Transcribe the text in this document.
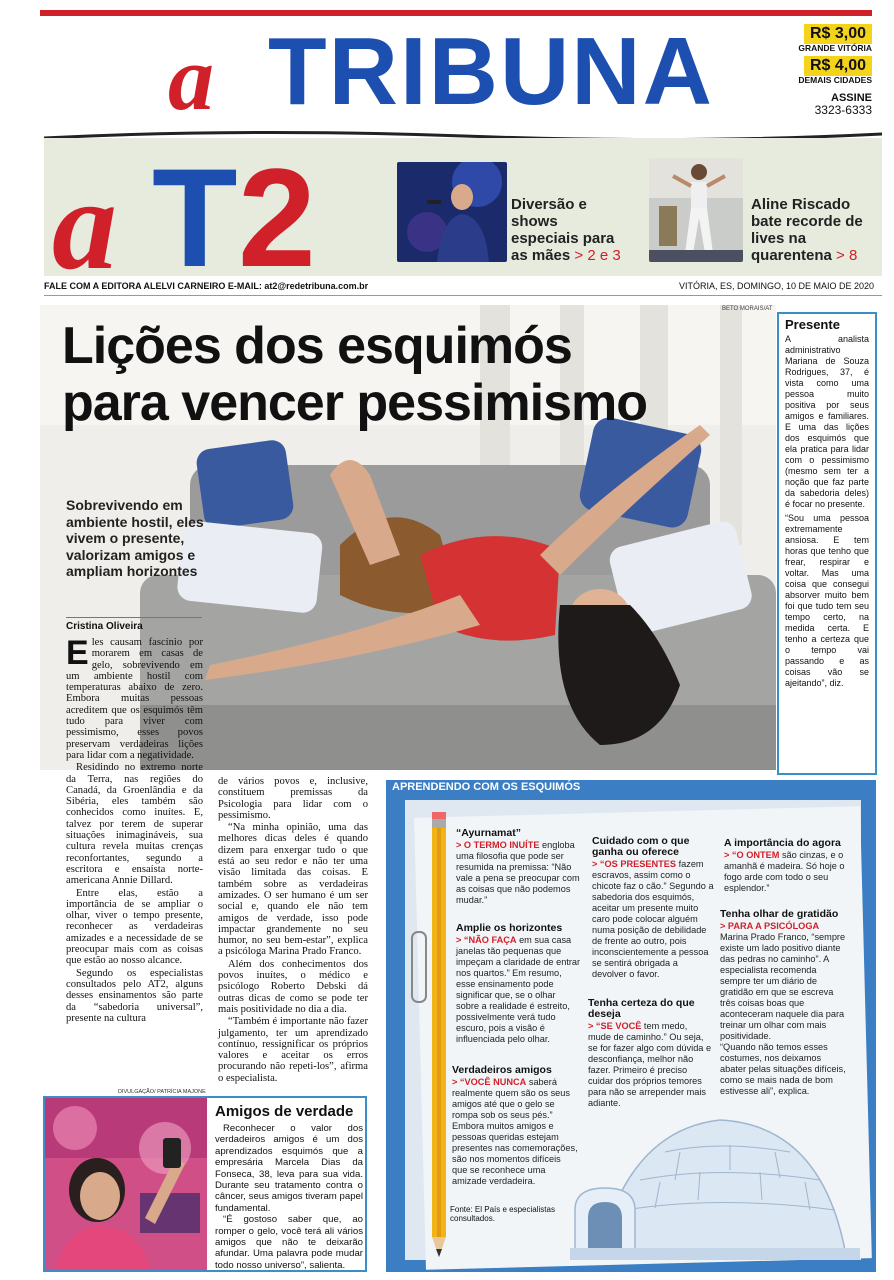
a TRIBUNA	R$ 3,00
GRANDE VITÓRIA
R$ 4,00
DEMAIS CIDADES
ASSINE
3323-6333
a T 2	Diversão e shows especiais para as mães > 2 e 3
Aline Riscado bate recorde de lives na quarentena > 8
FALE COM A EDITORA ALELVI CARNEIRO E-MAIL: at2@redetribuna.com.br	VITÓRIA, ES, DOMINGO, 10 DE MAIO DE 2020
BETO MORAIS/AT
Lições dos esquimós
para vencer pessimismo
Sobrevivendo em ambiente hostil, eles vivem o presente, valorizam amigos e ampliam horizontes
Cristina Oliveira

Eles causam fascínio por morarem em casas de gelo, sobrevivendo em um ambiente hostil com temperaturas abaixo de zero. Embora muitas pessoas acreditem que os esquimós têm tudo para viver com pessimismo, esses povos preservam verdadeiras lições para lidar com a negatividade.

Residindo no extremo norte da Terra, nas regiões do Canadá, da Groenlândia e da Sibéria, eles também são conhecidos como inuítes. E, talvez por terem de superar situações inimagináveis, sua cultura revela muitas crenças reconfortantes, segundo a escritora e ensaísta norte-americana Annie Dillard.

Entre elas, estão a importância de se ampliar o olhar, viver o tempo presente, reconhecer as verdadeiras amizades e a necessidade de se preocupar mais com as coisas que estão ao nosso alcance.

Segundo os especialistas consultados pelo AT2, alguns desses ensinamentos são parte da “sabedoria universal”, presente na cultura

de vários povos e, inclusive, constituem premissas da Psicologia para lidar com o pessimismo.

“Na minha opinião, uma das melhores dicas deles é quando dizem para enxergar tudo o que está ao seu redor e não ter uma visão limitada das coisas. E também sobre as verdadeiras amizades. O ser humano é um ser social e, quando ele não tem amigos de verdade, isso pode impactar grandemente no seu humor, no seu bem-estar”, explica a psicóloga Marina Prado Franco.

Além dos conhecimentos dos povos inuítes, o médico e psicólogo Roberto Debski dá outras dicas de como se pode ter mais positividade no dia a dia.

“Também é importante não fazer julgamento, ter um aprendizado contínuo, ressignificar os próprios valores e aceitar os erros procurando não repeti-los”, afirma o especialista.

Presente

A analista administrativo Mariana de Souza Rodrigues, 37, é vista como uma pessoa muito positiva por seus amigos e familiares. E uma das lições dos esquimós que ela pratica para lidar com o pessimismo (mesmo sem ter a noção que faz parte da sabedoria deles) é focar no presente.

“Sou uma pessoa extremamente ansiosa. E tem horas que tenho que frear, respirar e voltar. Mas uma coisa que consegui absorver muito bem foi que tudo tem seu tempo certo, na medida certa. E tenho a certeza que o tempo vai passando e as coisas vão se ajeitando”, diz.

DIVULGAÇÃO/ PATRÍCIA MAJONE
Amigos de verdade

Reconhecer o valor dos verdadeiros amigos é um dos aprendizados esquimós que a empresária Marcela Dias da Fonseca, 38, leva para sua vida. Durante seu tratamento contra o câncer, seus amigos tiveram papel fundamental.

“É gostoso saber que, ao romper o gelo, você terá ali vários amigos que não te deixarão afundar. Uma palavra pode mudar todo nosso universo”, salienta.

APRENDENDO COM OS ESQUIMÓS
“Ayurnamat”
> O TERMO INUÍTE engloba uma filosofia que pode ser resumida na premissa: “Não vale a pena se preocupar com as coisas que não podemos mudar.”
Amplie os horizontes
> “NÃO FAÇA em sua casa janelas tão pequenas que impeçam a claridade de entrar nos quartos.” Em resumo, esse ensinamento pode significar que, se o olhar sobre a realidade é estreito, possivelmente verá tudo escuro, pois a visão é influenciada pelo olhar.
Verdadeiros amigos
> “VOCÊ NUNCA saberá realmente quem são os seus amigos até que o gelo se rompa sob os seus pés.” Embora muitos amigos e pessoas queridas estejam presentes nas comemorações, são nos momentos difíceis que se reconhece uma amizade verdadeira.
Cuidado com o que ganha ou oferece
> “OS PRESENTES fazem escravos, assim como o chicote faz o cão.” Segundo a sabedoria dos esquimós, aceitar um presente muito caro pode colocar alguém numa posição de debilidade de frente ao outro, pois inconscientemente a pessoa se sentirá obrigada a devolver o favor.
Tenha certeza do que deseja
> “SE VOCÊ tem medo, mude de caminho.” Ou seja, se for fazer algo com dúvida e desconfiança, melhor não fazer. Primeiro é preciso cuidar dos próprios temores para não se arrepender mais adiante.
A importância do agora
> “O ONTEM são cinzas, e o amanhã é madeira. Só hoje o fogo arde com todo o seu esplendor.”
Tenha olhar de gratidão
> PARA A PSICÓLOGA Marina Prado Franco, “sempre existe um lado positivo diante das pedras no caminho”. A especialista recomenda sempre ter um diário de gratidão em que se escreva três coisas boas que aconteceram naquele dia para treinar um olhar com mais positividade.
“Quando não temos esses costumes, nos deixamos abater pelas situações difíceis, como se mais nada de bom estivesse ali”, explica.
Fonte: El País e especialistas consultados.
